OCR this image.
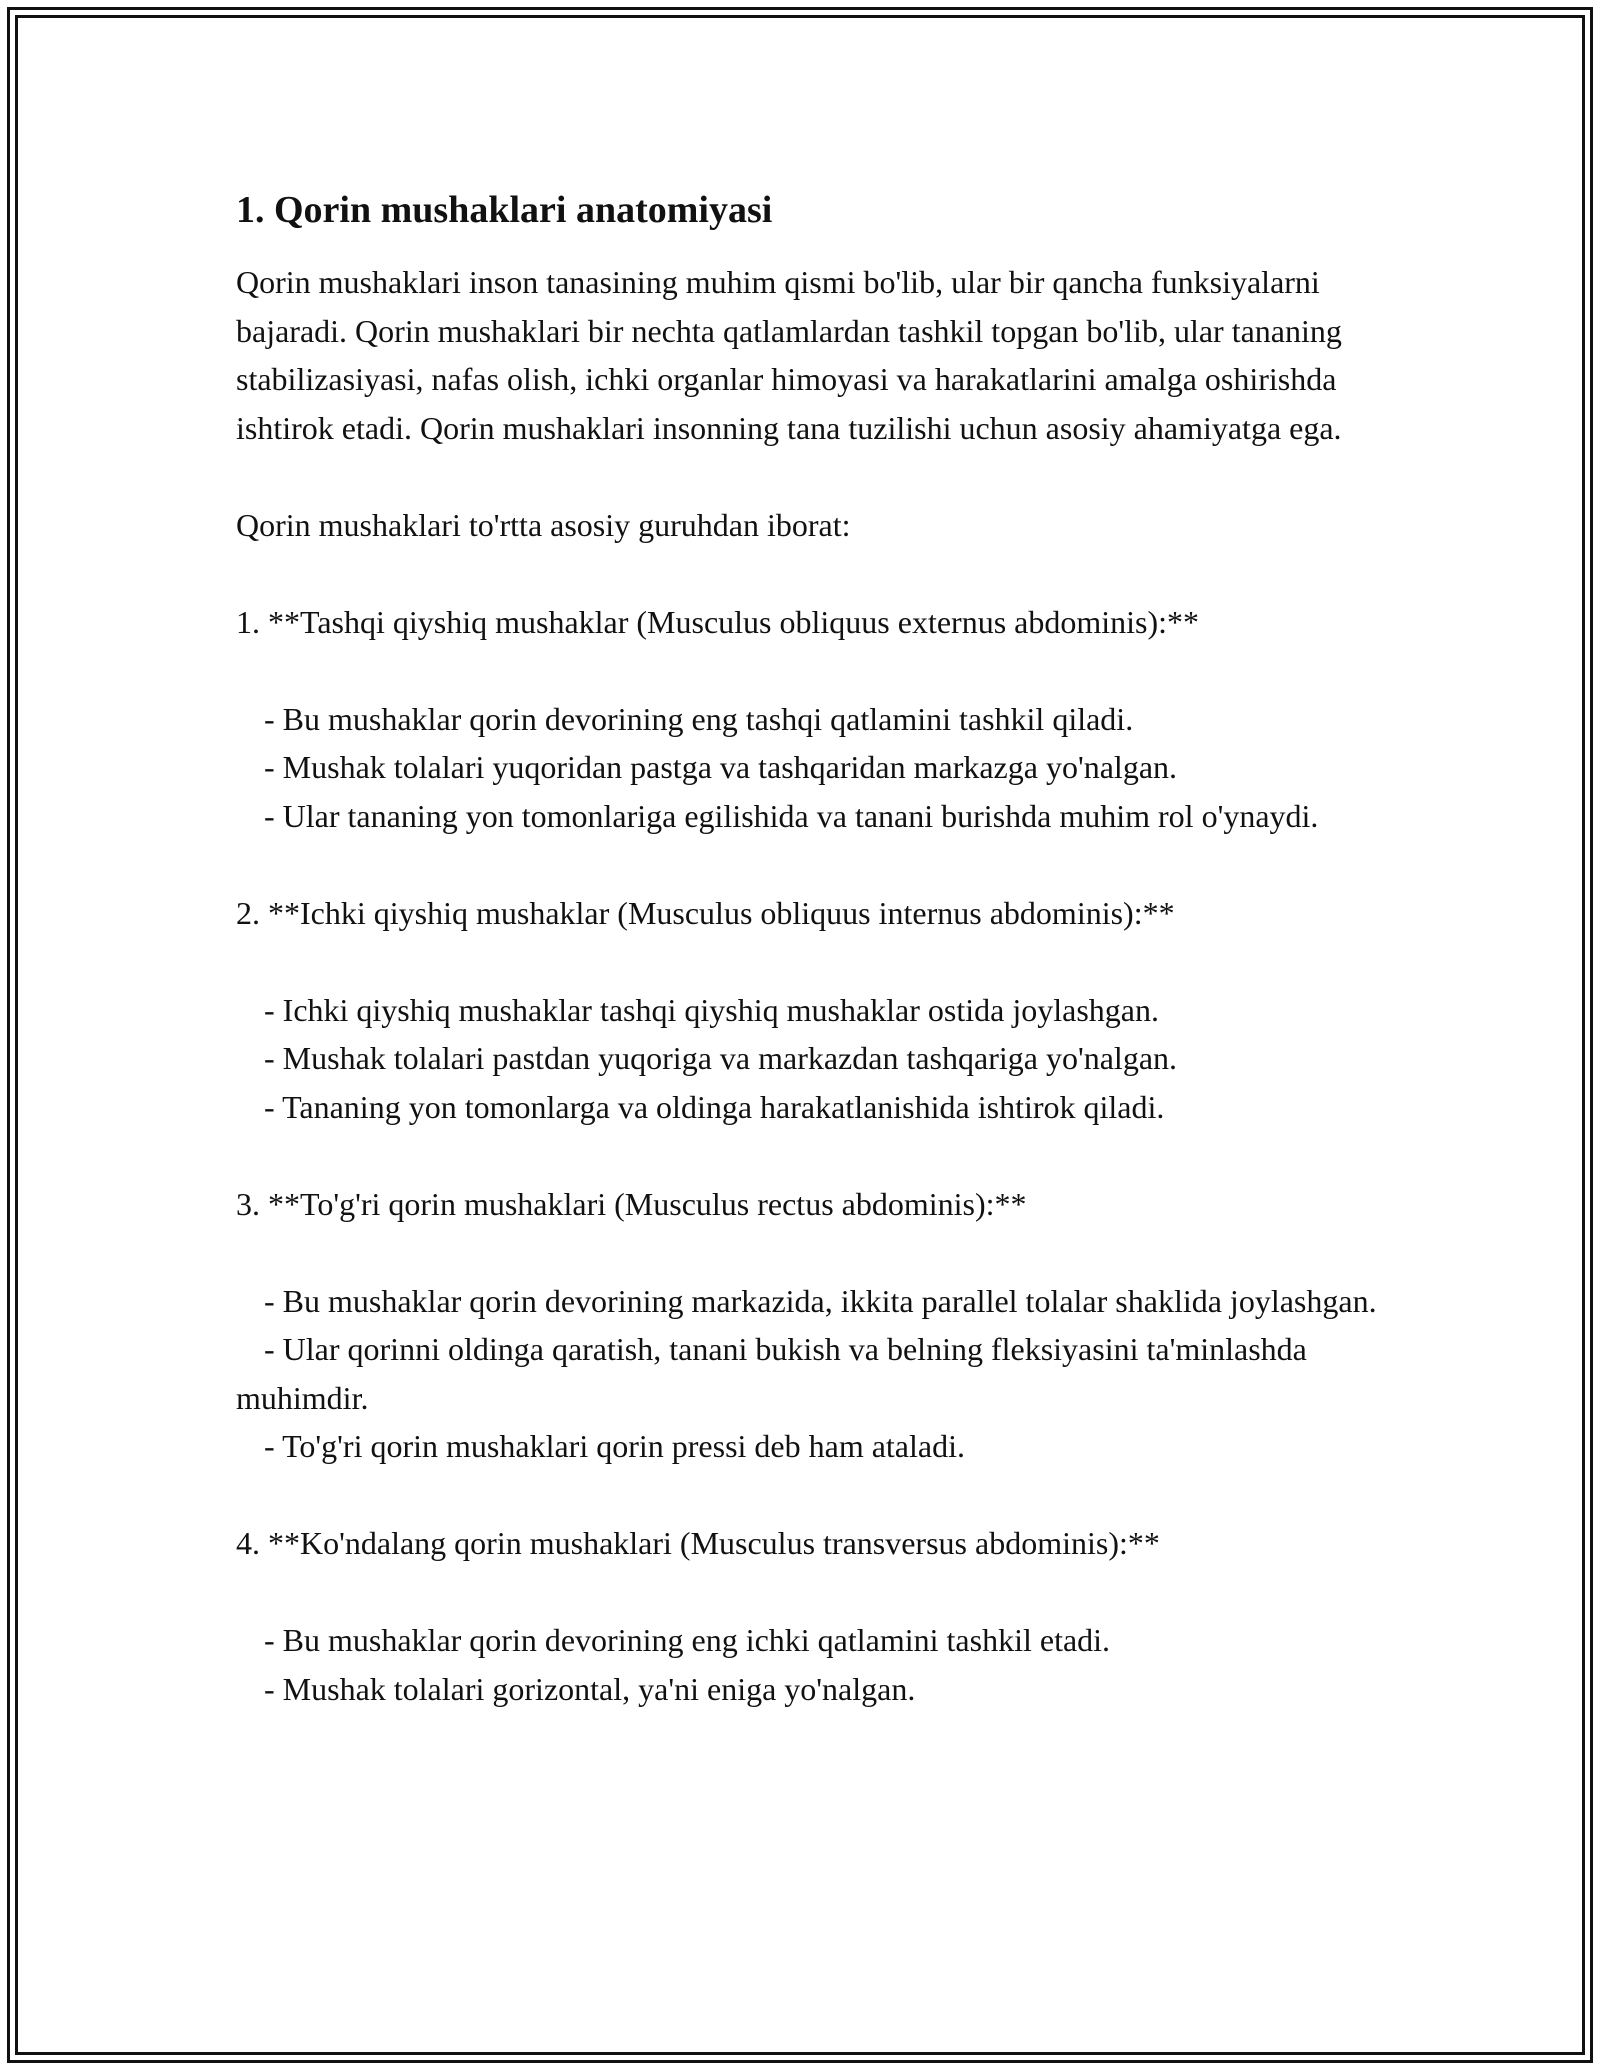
1. Qorin mushaklari anatomiyasi

Qorin mushaklari inson tanasining muhim qismi bo'lib, ular bir qancha funksiyalarni bajaradi. Qorin mushaklari bir nechta qatlamlardan tashkil topgan bo'lib, ular tananing stabilizasiyasi, nafas olish, ichki organlar himoyasi va harakatlarini amalga oshirishda ishtirok etadi. Qorin mushaklari insonning tana tuzilishi uchun asosiy ahamiyatga ega.

Qorin mushaklari to'rtta asosiy guruhdan iborat:

1. **Tashqi qiyshiq mushaklar (Musculus obliquus externus abdominis):**

- Bu mushaklar qorin devorining eng tashqi qatlamini tashkil qiladi.

- Mushak tolalari yuqoridan pastga va tashqaridan markazga yo'nalgan.

- Ular tananing yon tomonlariga egilishida va tanani burishda muhim rol o'ynaydi.

2. **Ichki qiyshiq mushaklar (Musculus obliquus internus abdominis):**

- Ichki qiyshiq mushaklar tashqi qiyshiq mushaklar ostida joylashgan.

- Mushak tolalari pastdan yuqoriga va markazdan tashqariga yo'nalgan.

- Tananing yon tomonlarga va oldinga harakatlanishida ishtirok qiladi.

3. **To'g'ri qorin mushaklari (Musculus rectus abdominis):**

- Bu mushaklar qorin devorining markazida, ikkita parallel tolalar shaklida joylashgan.

- Ular qorinni oldinga qaratish, tanani bukish va belning fleksiyasini ta'minlashda muhimdir.

- To'g'ri qorin mushaklari qorin pressi deb ham ataladi.

4. **Ko'ndalang qorin mushaklari (Musculus transversus abdominis):**

- Bu mushaklar qorin devorining eng ichki qatlamini tashkil etadi.

- Mushak tolalari gorizontal, ya'ni eniga yo'nalgan.
